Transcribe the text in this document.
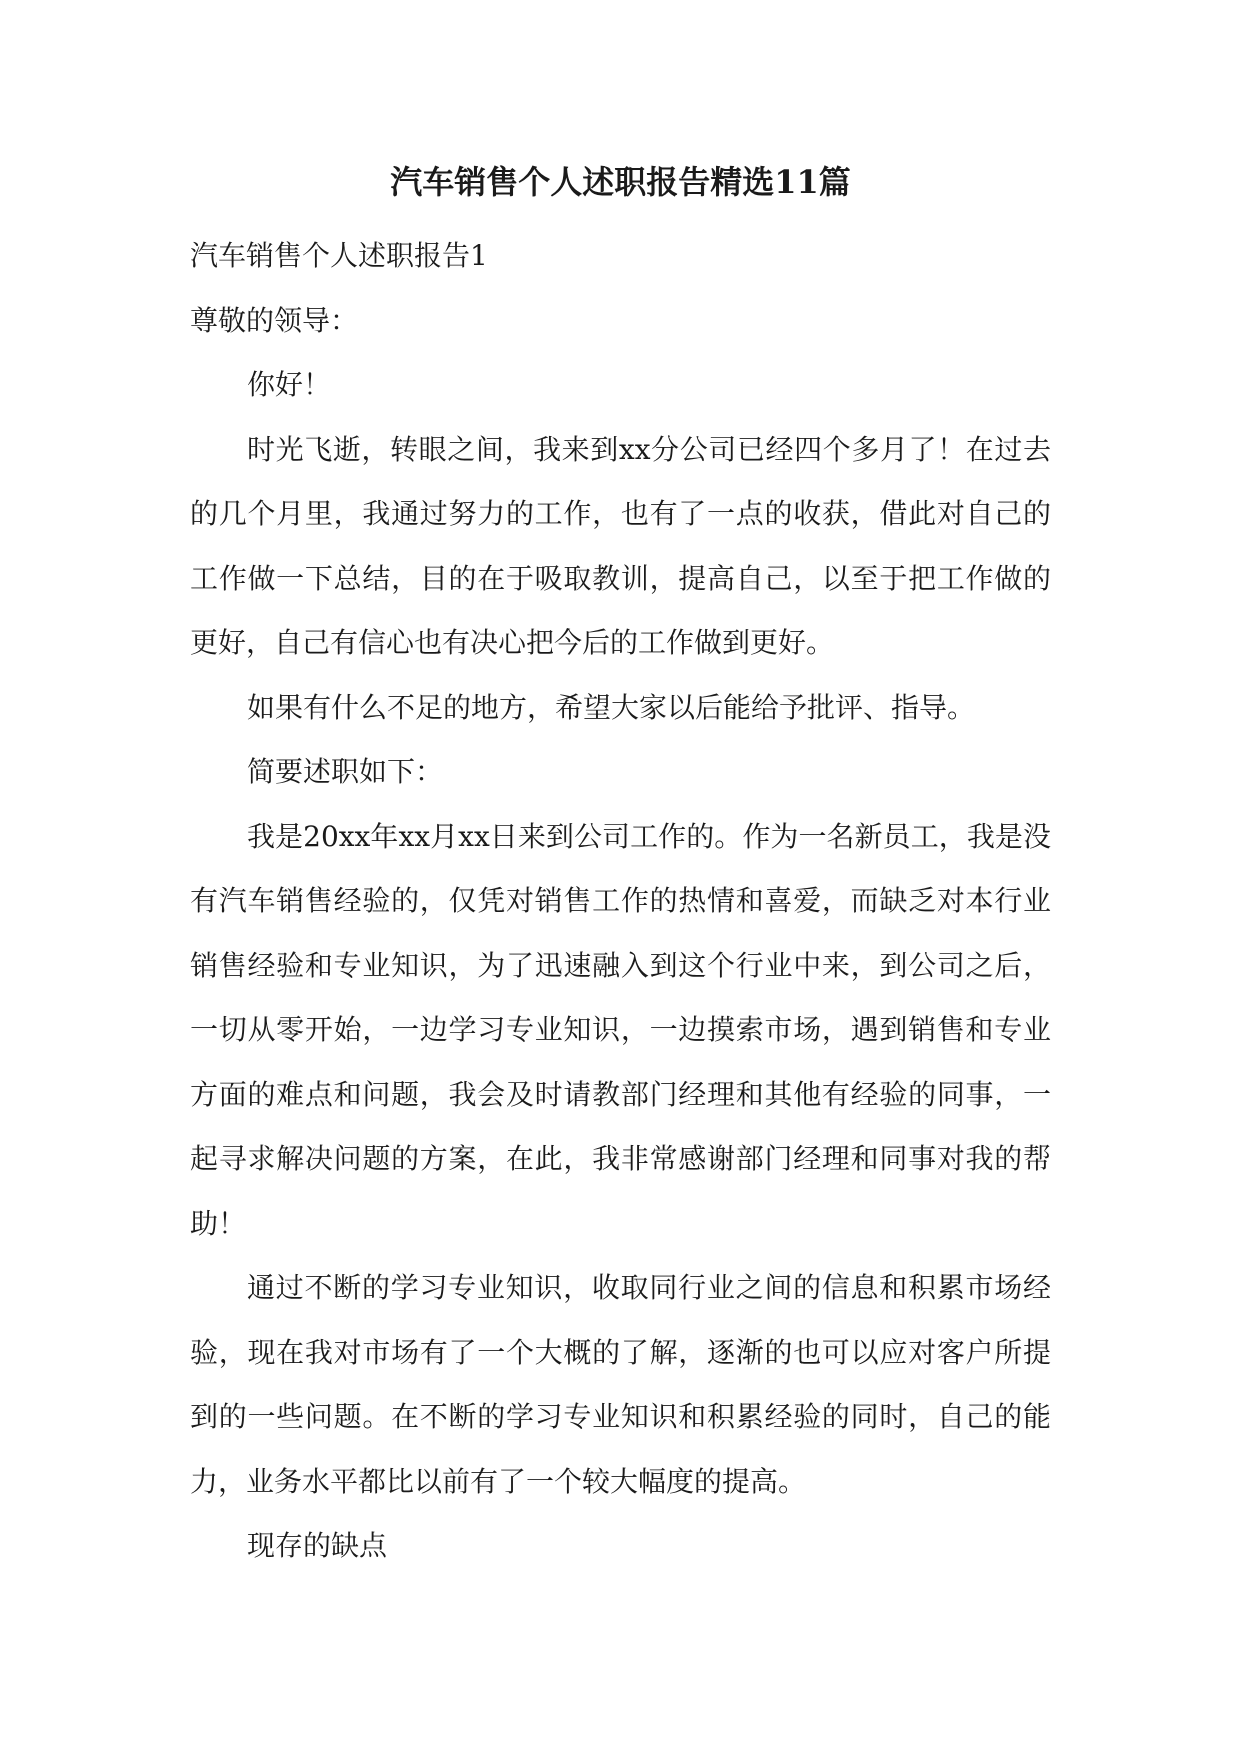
汽车销售个人述职报告精选11篇

汽车销售个人述职报告1

尊敬的领导：

你好！

时光飞逝，转眼之间，我来到xx分公司已经四个多月了！在过去的几个月里，我通过努力的工作，也有了一点的收获，借此对自己的工作做一下总结，目的在于吸取教训，提高自己，以至于把工作做的更好，自己有信心也有决心把今后的工作做到更好。

如果有什么不足的地方，希望大家以后能给予批评、指导。

简要述职如下：

我是20xx年xx月xx日来到公司工作的。作为一名新员工，我是没有汽车销售经验的，仅凭对销售工作的热情和喜爱，而缺乏对本行业销售经验和专业知识，为了迅速融入到这个行业中来，到公司之后，一切从零开始，一边学习专业知识，一边摸索市场，遇到销售和专业方面的难点和问题，我会及时请教部门经理和其他有经验的同事，一起寻求解决问题的方案，在此，我非常感谢部门经理和同事对我的帮助！

通过不断的学习专业知识，收取同行业之间的信息和积累市场经验，现在我对市场有了一个大概的了解，逐渐的也可以应对客户所提到的一些问题。在不断的学习专业知识和积累经验的同时，自己的能力，业务水平都比以前有了一个较大幅度的提高。

现存的缺点
